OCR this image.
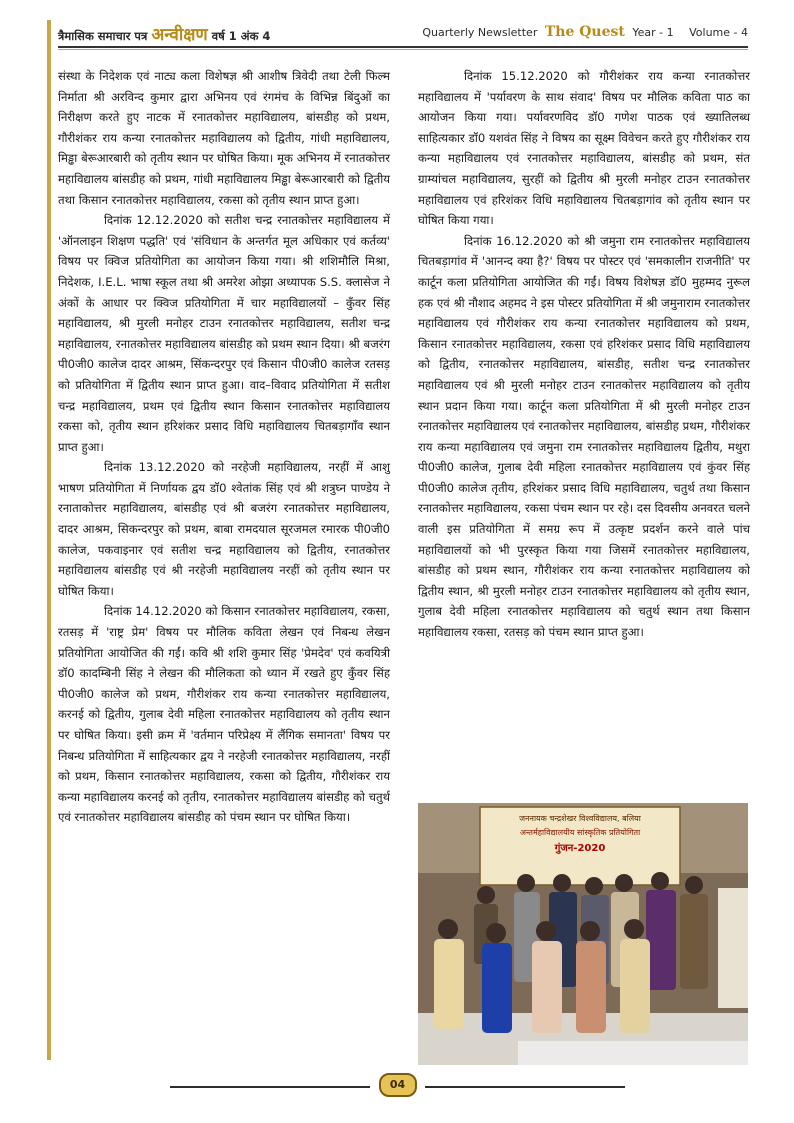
त्रैमासिक समाचार पत्र अन्वीक्षण वर्ष 1 अंक 4	Quarterly Newsletter The Quest Year - 1 Volume - 4

संस्था के निदेशक एवं नाट्य कला विशेषज्ञ श्री आशीष त्रिवेदी तथा टेली फिल्म निर्माता श्री अरविन्द कुमार द्वारा अभिनय एवं रंगमंच के विभिन्न बिंदुओं का निरीक्षण करते हुए नाटक में रनातकोत्तर महाविद्यालय, बांसडीह को प्रथम, गौरीशंकर राय कन्या रनातकोत्तर महाविद्यालय को द्वितीय, गांधी महाविद्यालय, मिड्ढा बेरूआरबारी को तृतीय स्थान पर घोषित किया। मूक अभिनय में रनातकोत्तर महाविद्यालय बांसडीह को प्रथम, गांधी महाविद्यालय मिड्ढा बेरूआरबारी को द्वितीय तथा किसान रनातकोत्तर महाविद्यालय, रकसा को तृतीय स्थान प्राप्त हुआ।

दिनांक 12.12.2020 को सतीश चन्द्र रनातकोत्तर महाविद्यालय में 'ऑनलाइन शिक्षण पद्धति' एवं 'संविधान के अन्तर्गत मूल अधिकार एवं कर्तव्य' विषय पर क्विज प्रतियोगिता का आयोजन किया गया। श्री शशिमौलि मिश्रा, निदेशक, I.E.L. भाषा स्कूल तथा श्री अमरेश ओझा अध्यापक S.S. क्लासेज ने अंकों के आधार पर क्विज प्रतियोगिता में चार महाविद्यालयों – कुँवर सिंह महाविद्यालय, श्री मुरली मनोहर टाउन रनातकोत्तर महाविद्यालय, सतीश चन्द्र महाविद्यालय, रनातकोत्तर महाविद्यालय बांसडीह को प्रथम स्थान दिया। श्री बजरंग पी0जी0 कालेज दादर आश्रम, सिंकन्दरपुर एवं किसान पी0जी0 कालेज रतसड़ को प्रतियोगिता में द्वितीय स्थान प्राप्त हुआ। वाद–विवाद प्रतियोगिता में सतीश चन्द्र महाविद्यालय, प्रथम एवं द्वितीय स्थान किसान रनातकोत्तर महाविद्यालय रकसा को, तृतीय स्थान हरिशंकर प्रसाद विधि महाविद्यालय चितबड़ागाँव स्थान प्राप्त हुआ।

दिनांक 13.12.2020 को नरहेजी महाविद्यालय, नरहीं में आशु भाषण प्रतियोगिता में निर्णायक द्वय डॉ0 श्वेतांक सिंह एवं श्री शत्रुघ्न पाण्डेय ने रनाताकोत्तर महाविद्यालय, बांसडीह एवं श्री बजरंग रनातकोत्तर महाविद्यालय, दादर आश्रम, सिकन्दरपुर को प्रथम, बाबा रामदयाल सूरजमल रमारक पी0जी0 कालेज, पकवाइनार एवं सतीश चन्द्र महाविद्यालय को द्वितीय, रनातकोत्तर महाविद्यालय बांसडीह एवं श्री नरहेजी महाविद्यालय नरहीं को तृतीय स्थान पर घोषित किया।

दिनांक 14.12.2020 को किसान रनातकोत्तर महाविद्यालय, रकसा, रतसड़ में 'राष्ट्र प्रेम' विषय पर मौलिक कविता लेखन एवं निबन्ध लेखन प्रतियोगिता आयोजित की गईं। कवि श्री शशि कुमार सिंह 'प्रेमदेव' एवं कवयित्री डॉ0 कादम्बिनी सिंह ने लेखन की मौलिकता को ध्यान में रखते हुए कुँवर सिंह पी0जी0 कालेज को प्रथम, गौरीशंकर राय कन्या रनातकोत्तर महाविद्यालय, करनई को द्वितीय, गुलाब देवी महिला रनातकोत्तर महाविद्यालय को तृतीय स्थान पर घोषित किया। इसी क्रम में 'वर्तमान परिप्रेक्ष्य में लैंगिक समानता' विषय पर निबन्ध प्रतियोगिता में साहित्यकार द्वय ने नरहेजी रनातकोत्तर महाविद्यालय, नरहीं को प्रथम, किसान रनातकोत्तर महाविद्यालय, रकसा को द्वितीय, गौरीशंकर राय कन्या महाविद्यालय करनई को तृतीय, रनातकोत्तर महाविद्यालय बांसडीह को चतुर्थ एवं रनातकोत्तर महाविद्यालय बांसडीह को पंचम स्थान पर घोषित किया।

दिनांक 15.12.2020 को गौरीशंकर राय कन्या रनातकोत्तर महाविद्यालय में 'पर्यावरण के साथ संवाद' विषय पर मौलिक कविता पाठ का आयोजन किया गया। पर्यावरणविद डॉ0 गणेश पाठक एवं ख्यातिलब्ध साहित्यकार डॉ0 यशवंत सिंह ने विषय का सूक्ष्म विवेचन करते हुए गौरीशंकर राय कन्या महाविद्यालय एवं रनातकोत्तर महाविद्यालय, बांसडीह को प्रथम, संत ग्राम्यांचल महाविद्यालय, सुरहीं को द्वितीय श्री मुरली मनोहर टाउन रनातकोत्तर महाविद्यालय एवं हरिशंकर विधि महाविद्यालय चितबड़ागांव को तृतीय स्थान पर घोषित किया गया।

दिनांक 16.12.2020 को श्री जमुना राम रनातकोत्तर महाविद्यालय चितबड़ागांव में 'आनन्द क्या है?' विषय पर पोस्टर एवं 'समकालीन राजनीति' पर कार्टून कला प्रतियोगिता आयोजित की गईं। विषय विशेषज्ञ डॉ0 मुहम्मद नुरूल हक एवं श्री नौशाद अहमद ने इस पोस्टर प्रतियोगिता में श्री जमुनाराम रनातकोत्तर महाविद्यालय एवं गौरीशंकर राय कन्या रनातकोत्तर महाविद्यालय को प्रथम, किसान रनातकोत्तर महाविद्यालय, रकसा एवं हरिशंकर प्रसाद विधि महाविद्यालय को द्वितीय, रनातकोत्तर महाविद्यालय, बांसडीह, सतीश चन्द्र रनातकोत्तर महाविद्यालय एवं श्री मुरली मनोहर टाउन रनातकोत्तर महाविद्यालय को तृतीय स्थान प्रदान किया गया। कार्टून कला प्रतियोगिता में श्री मुरली मनोहर टाउन रनातकोत्तर महाविद्यालय एवं रनातकोत्तर महाविद्यालय, बांसडीह प्रथम, गौरीशंकर राय कन्या महाविद्यालय एवं जमुना राम रनातकोत्तर महाविद्यालय द्वितीय, मथुरा पी0जी0 कालेज, गुलाब देवी महिला रनातकोत्तर महाविद्यालय एवं कुंवर सिंह पी0जी0 कालेज तृतीय, हरिशंकर प्रसाद विधि महाविद्यालय, चतुर्थ तथा किसान रनातकोत्तर महाविद्यालय, रकसा पंचम स्थान पर रहे। दस दिवसीय अनवरत चलने वाली इस प्रतियोगिता में समग्र रूप में उत्कृष्ट प्रदर्शन करने वाले पांच महाविद्यालयों को भी पुरस्कृत किया गया जिसमें रनातकोत्तर महाविद्यालय, बांसडीह को प्रथम स्थान, गौरीशंकर राय कन्या रनातकोत्तर महाविद्यालय को द्वितीय स्थान, श्री मुरली मनोहर टाउन रनातकोत्तर महाविद्यालय को तृतीय स्थान, गुलाब देवी महिला रनातकोत्तर महाविद्यालय को चतुर्थ स्थान तथा किसान महाविद्यालय रकसा, रतसड़ को पंचम स्थान प्राप्त हुआ।

जननायक चन्द्रशेखर विश्वविद्यालय, बलिया
अन्तर्महाविद्यालयीय सांस्कृतिक प्रतियोगिता
गुंजन-2020
04
